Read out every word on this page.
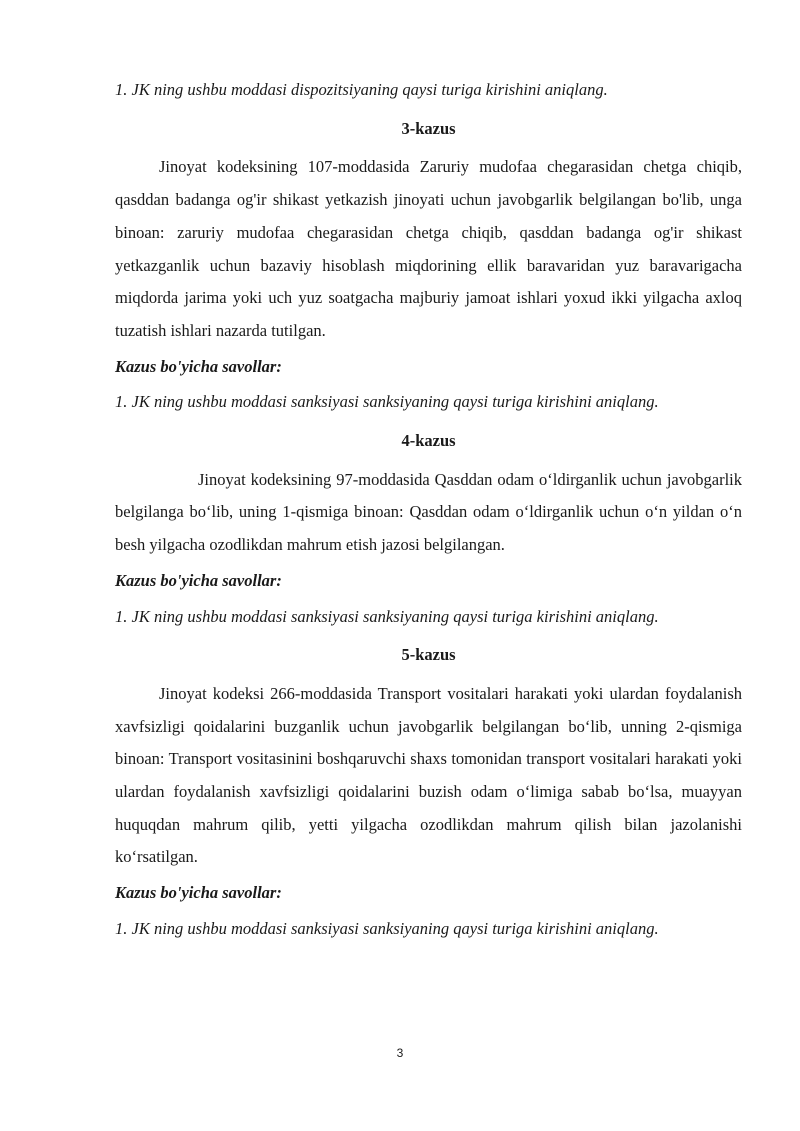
1. JK ning ushbu moddasi dispozitsiyaning qaysi turiga kirishini aniqlang.

3-kazus

Jinoyat kodeksining 107-moddasida Zaruriy mudofaa chegarasidan chetga chiqib, qasddan badanga og'ir shikast yetkazish jinoyati uchun javobgarlik belgilangan bo'lib, unga binoan: zaruriy mudofaa chegarasidan chetga chiqib, qasddan badanga og'ir shikast yetkazganlik uchun bazaviy hisoblash miqdorining ellik baravaridan yuz baravarigacha miqdorda jarima yoki uch yuz soatgacha majburiy jamoat ishlari yoxud ikki yilgacha axloq tuzatish ishlari nazarda tutilgan.

Kazus bo'yicha savollar:

1. JK ning ushbu moddasi sanksiyasi sanksiyaning qaysi turiga kirishini aniqlang.

4-kazus

Jinoyat kodeksining 97-moddasida Qasddan odam oʻldirganlik uchun javobgarlik belgilanga boʻlib, uning 1-qismiga binoan: Qasddan odam oʻldirganlik uchun oʻn yildan oʻn besh yilgacha ozodlikdan mahrum etish jazosi belgilangan.

Kazus bo'yicha savollar:

1. JK ning ushbu moddasi sanksiyasi sanksiyaning qaysi turiga kirishini aniqlang.

5-kazus

Jinoyat kodeksi 266-moddasida Transport vositalari harakati yoki ulardan foydalanish xavfsizligi qoidalarini buzganlik uchun javobgarlik belgilangan boʻlib, unning 2-qismiga binoan: Transport vositasinini boshqaruvchi shaxs tomonidan transport vositalari harakati yoki ulardan foydalanish xavfsizligi qoidalarini buzish odam oʻlimiga sabab boʻlsa, muayyan huquqdan mahrum qilib, yetti yilgacha ozodlikdan mahrum qilish bilan jazolanishi koʻrsatilgan.

Kazus bo'yicha savollar:

1. JK ning ushbu moddasi sanksiyasi sanksiyaning qaysi turiga kirishini aniqlang.

3
